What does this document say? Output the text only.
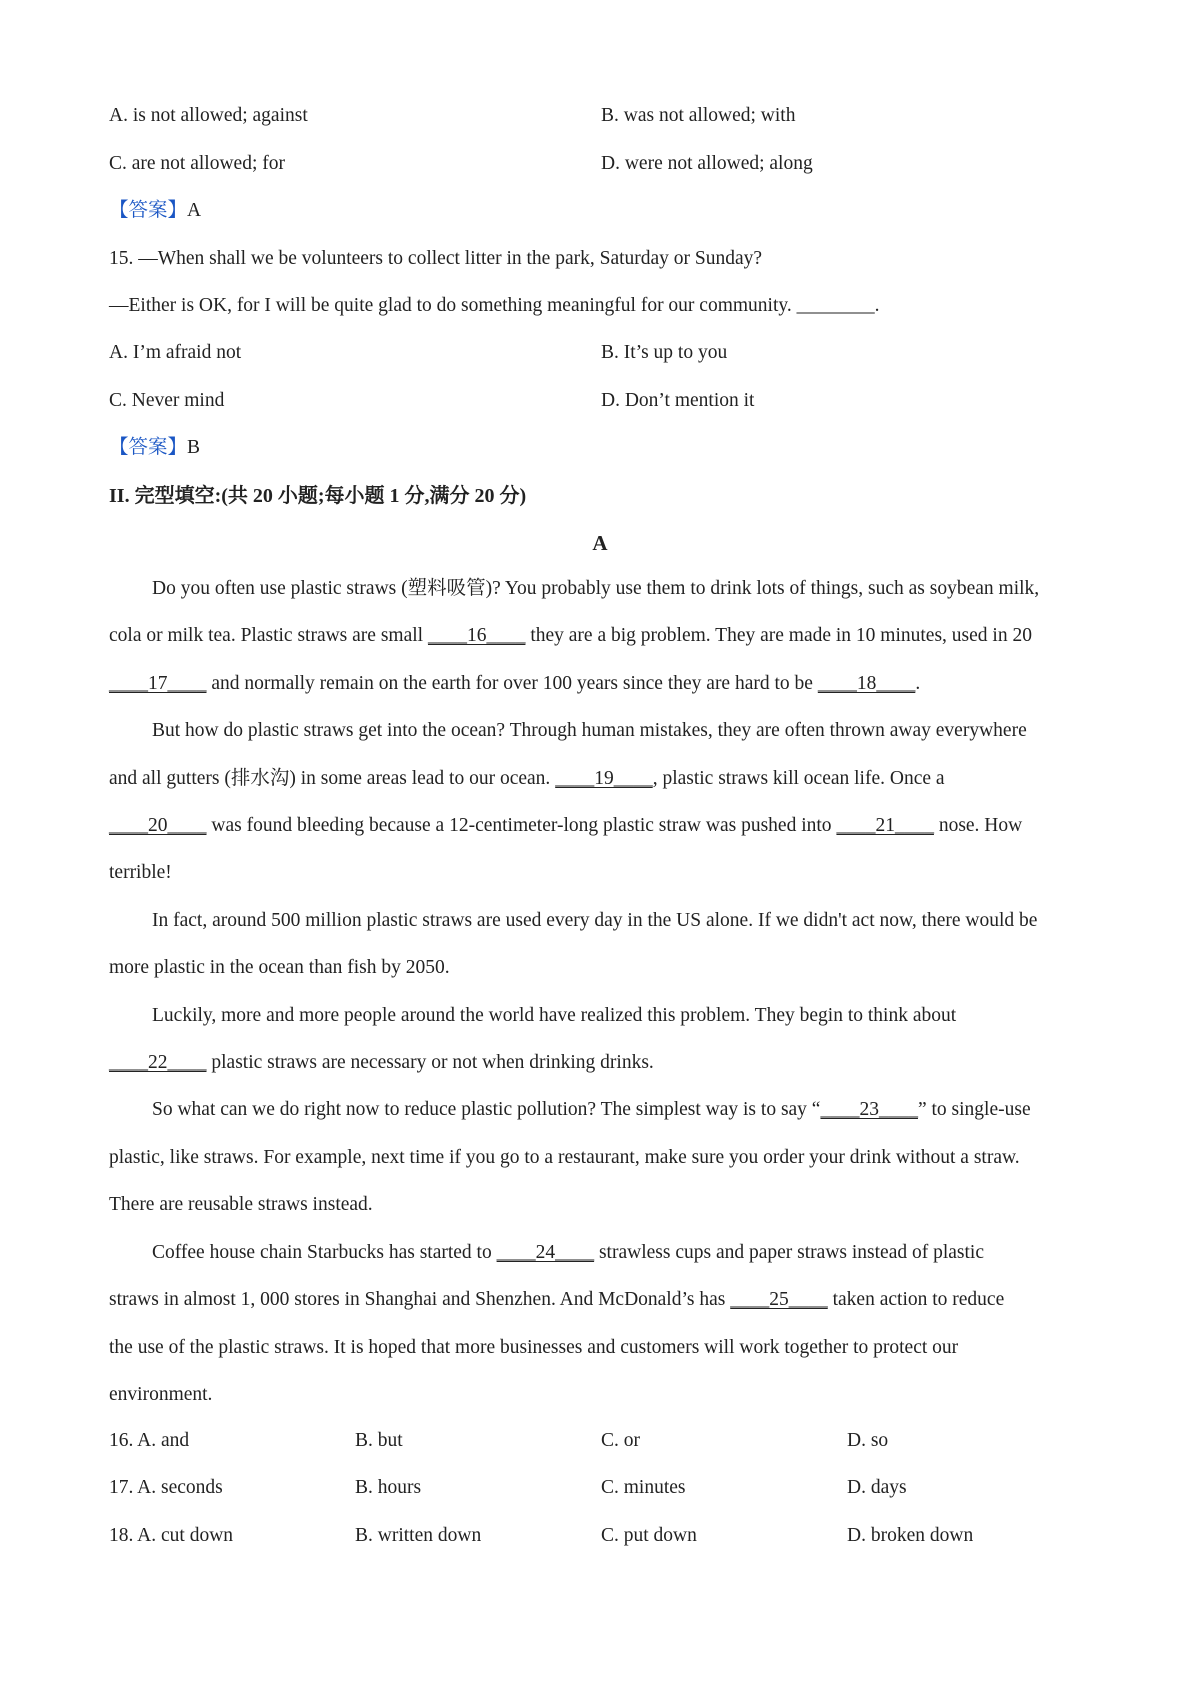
A. is not allowed; against	B. was not allowed; with
C. are not allowed; for	D. were not allowed; along
【答案】A
15. —When shall we be volunteers to collect litter in the park, Saturday or Sunday?
—Either is OK, for I will be quite glad to do something meaningful for our community. ________.
A. I’m afraid not	B. It’s up to you
C. Never mind	D. Don’t mention it
【答案】B
II. 完型填空:(共 20 小题;每小题 1 分,满分 20 分)
A
Do you often use plastic straws (塑料吸管)? You probably use them to drink lots of things, such as soybean milk,
cola or milk tea. Plastic straws are small ____16____ they are a big problem. They are made in 10 minutes, used in 20
____17____ and normally remain on the earth for over 100 years since they are hard to be ____18____.
But how do plastic straws get into the ocean? Through human mistakes, they are often thrown away everywhere
and all gutters (排水沟) in some areas lead to our ocean. ____19____, plastic straws kill ocean life. Once a
____20____ was found bleeding because a 12-centimeter-long plastic straw was pushed into ____21____ nose. How
terrible!
In fact, around 500 million plastic straws are used every day in the US alone. If we didn't act now, there would be
more plastic in the ocean than fish by 2050.
Luckily, more and more people around the world have realized this problem. They begin to think about
____22____ plastic straws are necessary or not when drinking drinks.
So what can we do right now to reduce plastic pollution? The simplest way is to say “____23____” to single-use
plastic, like straws. For example, next time if you go to a restaurant, make sure you order your drink without a straw.
There are reusable straws instead.
Coffee house chain Starbucks has started to ____24____ strawless cups and paper straws instead of plastic
straws in almost 1, 000 stores in Shanghai and Shenzhen. And McDonald’s has ____25____ taken action to reduce
the use of the plastic straws. It is hoped that more businesses and customers will work together to protect our
environment.
16. A. and	B. but	C. or	D. so
17. A. seconds	B. hours	C. minutes	D. days
18. A. cut down	B. written down	C. put down	D. broken down
